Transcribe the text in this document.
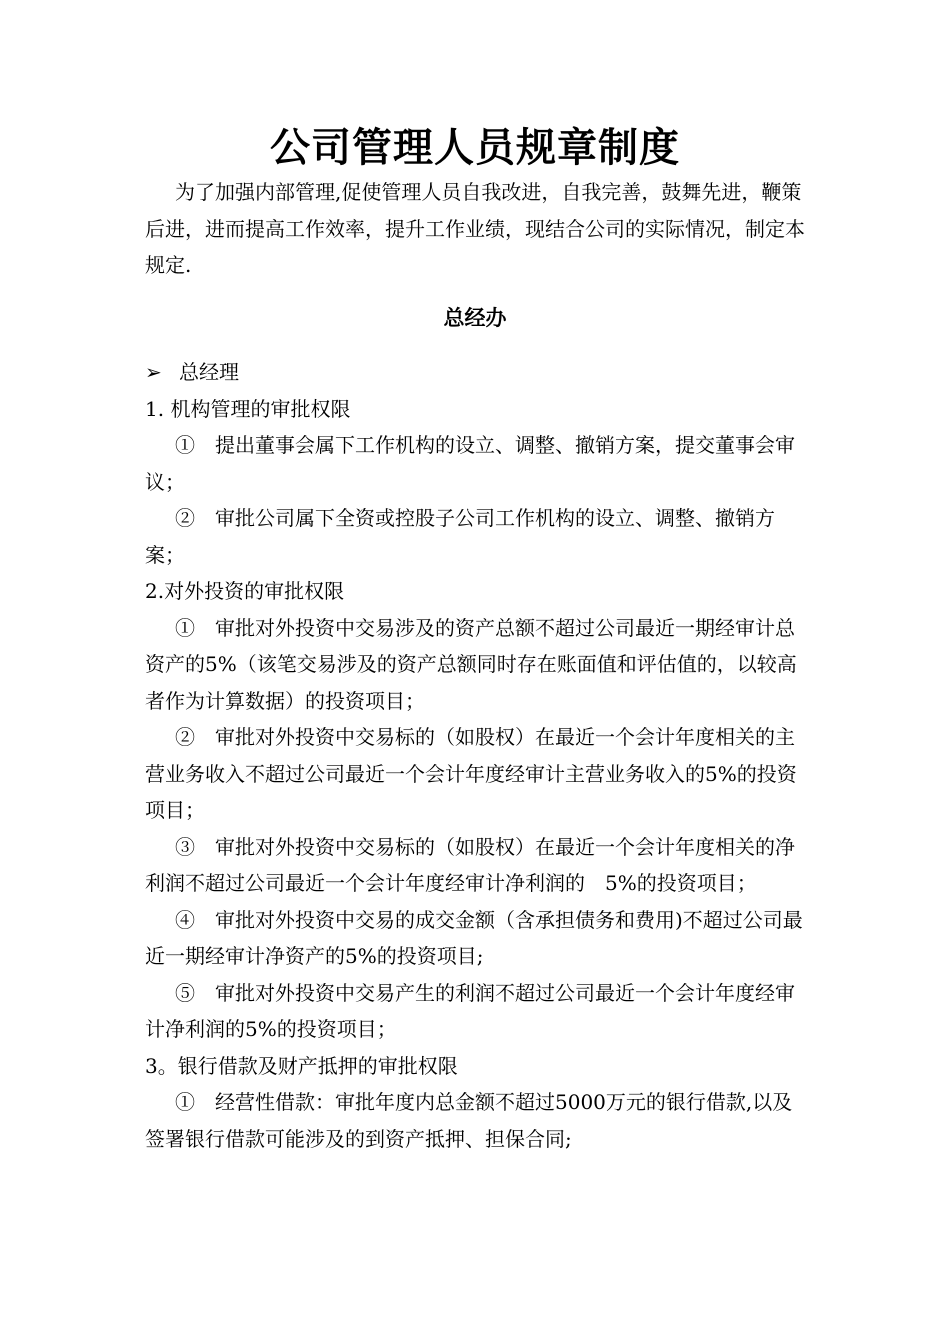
公司管理人员规章制度

为了加强内部管理,促使管理人员自我改进，自我完善，鼓舞先进，鞭策后进，进而提高工作效率，提升工作业绩，现结合公司的实际情况，制定本规定.

总经办

➢ 总经理

1. 机构管理的审批权限

①　提出董事会属下工作机构的设立、调整、撤销方案，提交董事会审议；

②　审批公司属下全资或控股子公司工作机构的设立、调整、撤销方案；

2.对外投资的审批权限

①　审批对外投资中交易涉及的资产总额不超过公司最近一期经审计总资产的5%（该笔交易涉及的资产总额同时存在账面值和评估值的，以较高者作为计算数据）的投资项目；

②　审批对外投资中交易标的（如股权）在最近一个会计年度相关的主营业务收入不超过公司最近一个会计年度经审计主营业务收入的5%的投资项目；

③　审批对外投资中交易标的（如股权）在最近一个会计年度相关的净利润不超过公司最近一个会计年度经审计净利润的　5%的投资项目；

④　审批对外投资中交易的成交金额（含承担债务和费用)不超过公司最近一期经审计净资产的5%的投资项目;

⑤　审批对外投资中交易产生的利润不超过公司最近一个会计年度经审计净利润的5%的投资项目；

3。银行借款及财产抵押的审批权限

①　经营性借款：审批年度内总金额不超过5000万元的银行借款,以及签署银行借款可能涉及的到资产抵押、担保合同;
